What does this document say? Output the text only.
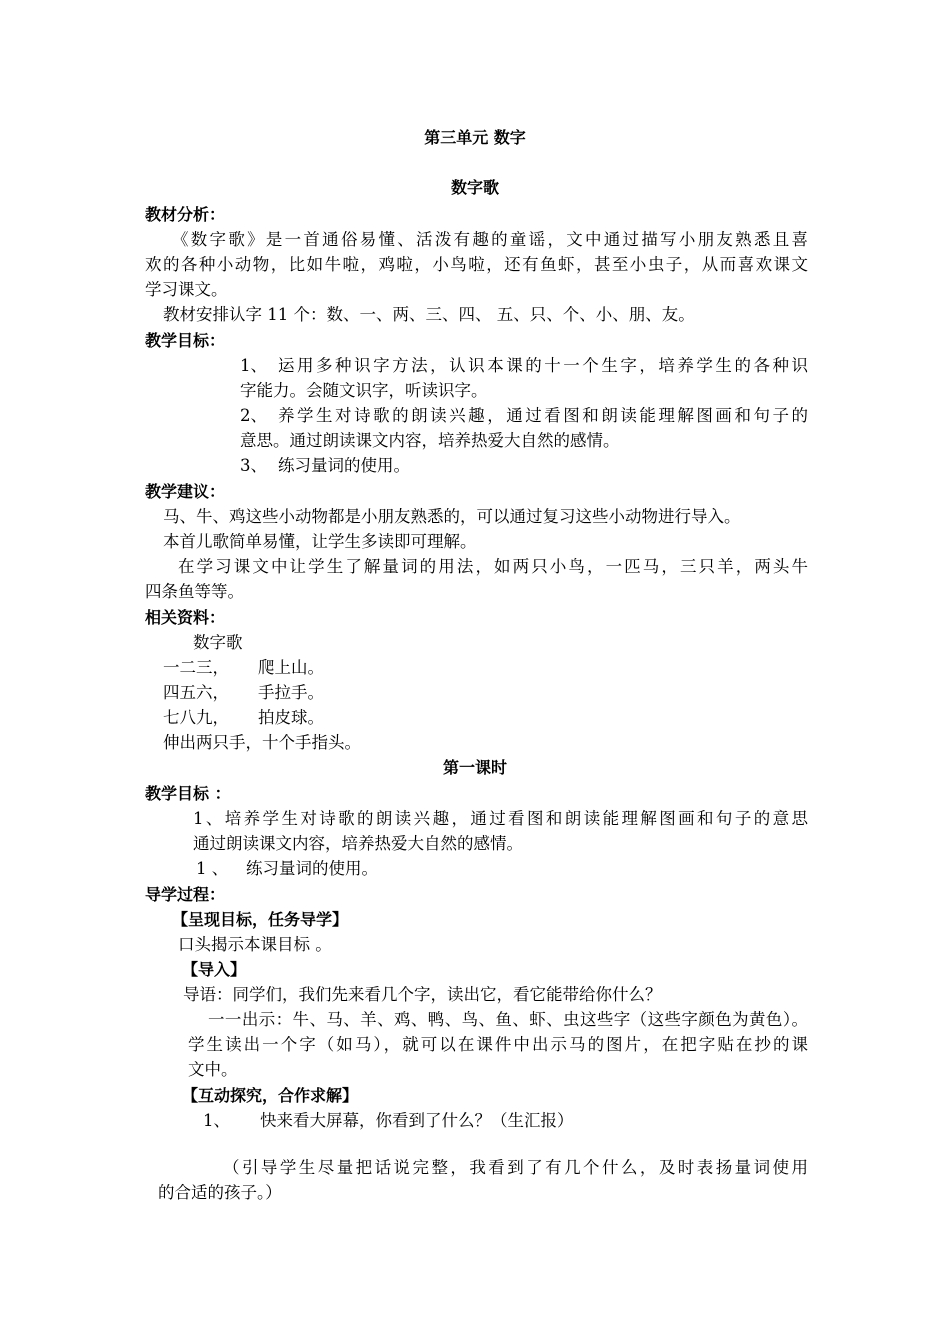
第三单元 数字
数字歌
教材分析：
《数字歌》是一首通俗易懂、活泼有趣的童谣，文中通过描写小朋友熟悉且喜
欢的各种小动物，比如牛啦，鸡啦，小鸟啦，还有鱼虾，甚至小虫子，从而喜欢课文
学习课文。
教材安排认字 11 个：数、一、两、三、四、 五、只、个、小、朋、友。
教学目标：
1、 运用多种识字方法，认识本课的十一个生字，培养学生的各种识
字能力。会随文识字，听读识字。
2、 养学生对诗歌的朗读兴趣，通过看图和朗读能理解图画和句子的
意思。通过朗读课文内容，培养热爱大自然的感情。
3、 练习量词的使用。
教学建议：
马、牛、鸡这些小动物都是小朋友熟悉的，可以通过复习这些小动物进行导入。
本首儿歌简单易懂，让学生多读即可理解。
在学习课文中让学生了解量词的用法，如两只小鸟，一匹马，三只羊，两头牛
四条鱼等等。
相关资料：
数字歌
一二三， 爬上山。
四五六， 手拉手。
七八九， 拍皮球。
伸出两只手，十个手指头。
第一课时
教学目标 ：
1、培养学生对诗歌的朗读兴趣，通过看图和朗读能理解图画和句子的意思
通过朗读课文内容，培养热爱大自然的感情。
1 、 练习量词的使用。
导学过程：
【呈现目标，任务导学】
口头揭示本课目标 。
【导入】
导语：同学们，我们先来看几个字，读出它，看它能带给你什么？
一一出示：牛、马、羊、鸡、鸭、鸟、鱼、虾、虫这些字（这些字颜色为黄色）。
学生读出一个字（如马），就可以在课件中出示马的图片，在把字贴在抄的课
文中。
【互动探究，合作求解】
1、 快来看大屏幕，你看到了什么？（生汇报）
（引导学生尽量把话说完整，我看到了有几个什么，及时表扬量词使用
的合适的孩子。）
